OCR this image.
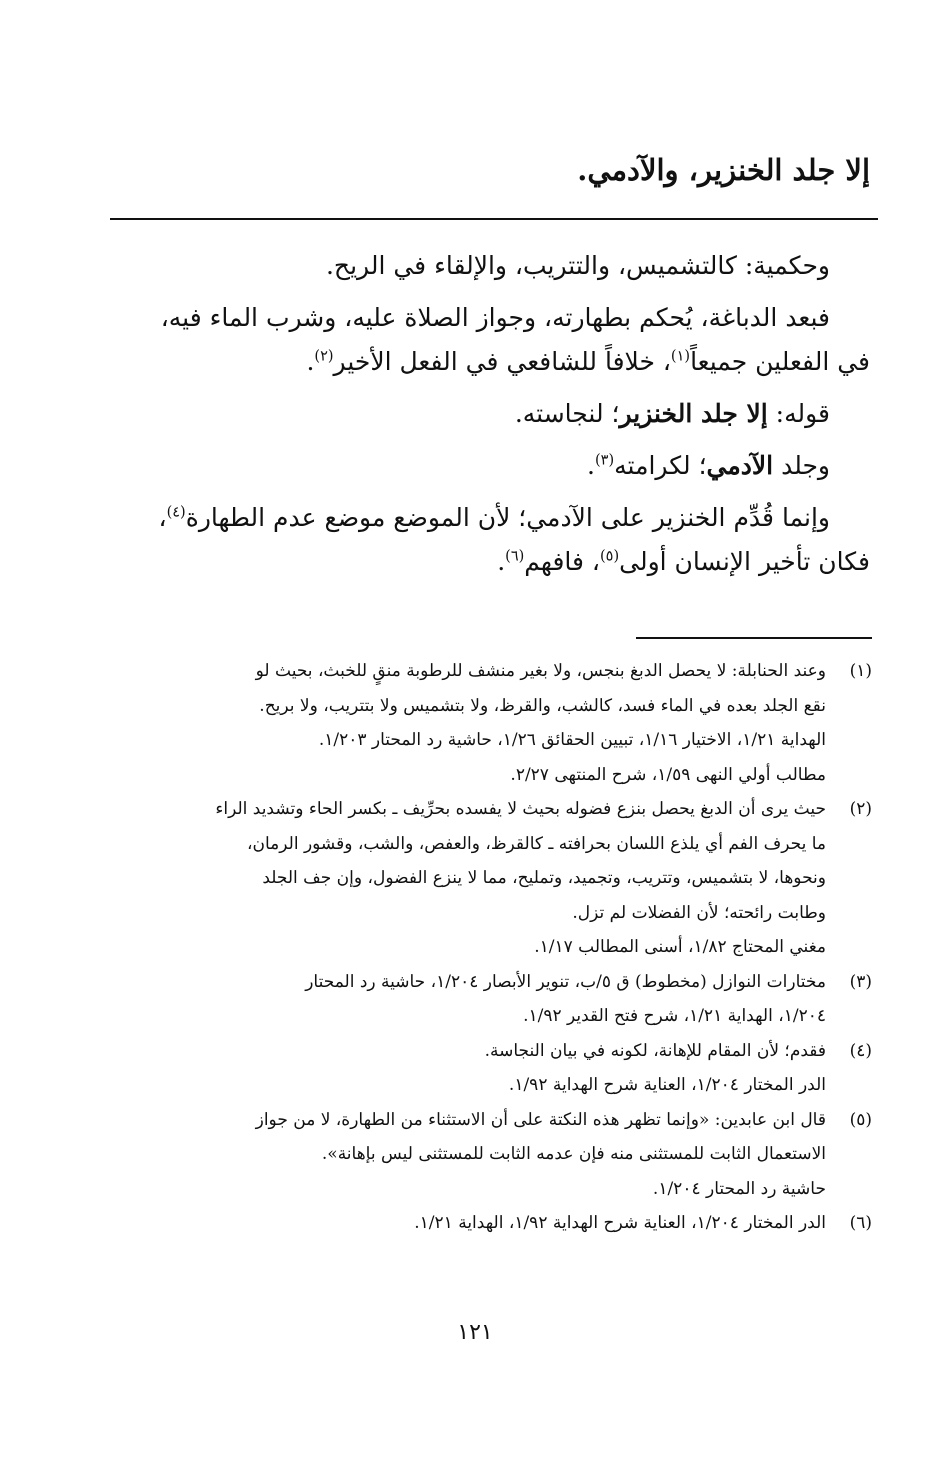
إلا جلد الخنزير، والآدمي.

وحكمية: كالتشميس، والتتريب، والإلقاء في الريح.

فبعد الدباغة، يُحكم بطهارته، وجواز الصلاة عليه، وشرب الماء فيه،

في الفعلين جميعاً$^{(١)}$، خلافاً للشافعي في الفعل الأخير$^{(٢)}$.

قوله: إلا جلد الخنزير؛ لنجاسته.

وجلد الآدمي؛ لكرامته$^{(٣)}$.

وإنما قُدِّم الخنزير على الآدمي؛ لأن الموضع موضع عدم الطهارة$^{(٤)}$،

فكان تأخير الإنسان أولى$^{(٥)}$، فافهم$^{(٦)}$.

(١)

وعند الحنابلة: لا يحصل الدبغ بنجس، ولا بغير منشف للرطوبة منقٍ للخبث، بحيث لو

نقع الجلد بعده في الماء فسد، كالشب، والقرظ، ولا بتشميس ولا بتتريب، ولا بريح.

الهداية ١/٢١، الاختيار ١/١٦، تبيين الحقائق ١/٢٦، حاشية رد المحتار ١/٢٠٣.

مطالب أولي النهى ١/٥٩، شرح المنتهى ٢/٢٧.

(٢)

حيث يرى أن الدبغ يحصل بنزع فضوله بحيث لا يفسده بحرِّيف ـ بكسر الحاء وتشديد الراء

ما يحرف الفم أي يلذع اللسان بحرافته ـ كالقرظ، والعفص، والشب، وقشور الرمان،

ونحوها، لا بتشميس، وتتريب، وتجميد، وتمليح، مما لا ينزع الفضول، وإن جف الجلد

وطابت رائحته؛ لأن الفضلات لم تزل.

مغني المحتاج ١/٨٢، أسنى المطالب ١/١٧.

(٣)

مختارات النوازل (مخطوط) ق ٥/ب، تنوير الأبصار ١/٢٠٤، حاشية رد المحتار

١/٢٠٤، الهداية ١/٢١، شرح فتح القدير ١/٩٢.

(٤)

فقدم؛ لأن المقام للإهانة، لكونه في بيان النجاسة.

الدر المختار ١/٢٠٤، العناية شرح الهداية ١/٩٢.

(٥)

قال ابن عابدين: «وإنما تظهر هذه النكتة على أن الاستثناء من الطهارة، لا من جواز

الاستعمال الثابت للمستثنى منه فإن عدمه الثابت للمستثنى ليس بإهانة».

حاشية رد المحتار ١/٢٠٤.

(٦)

الدر المختار ١/٢٠٤، العناية شرح الهداية ١/٩٢، الهداية ١/٢١.

١٢١
